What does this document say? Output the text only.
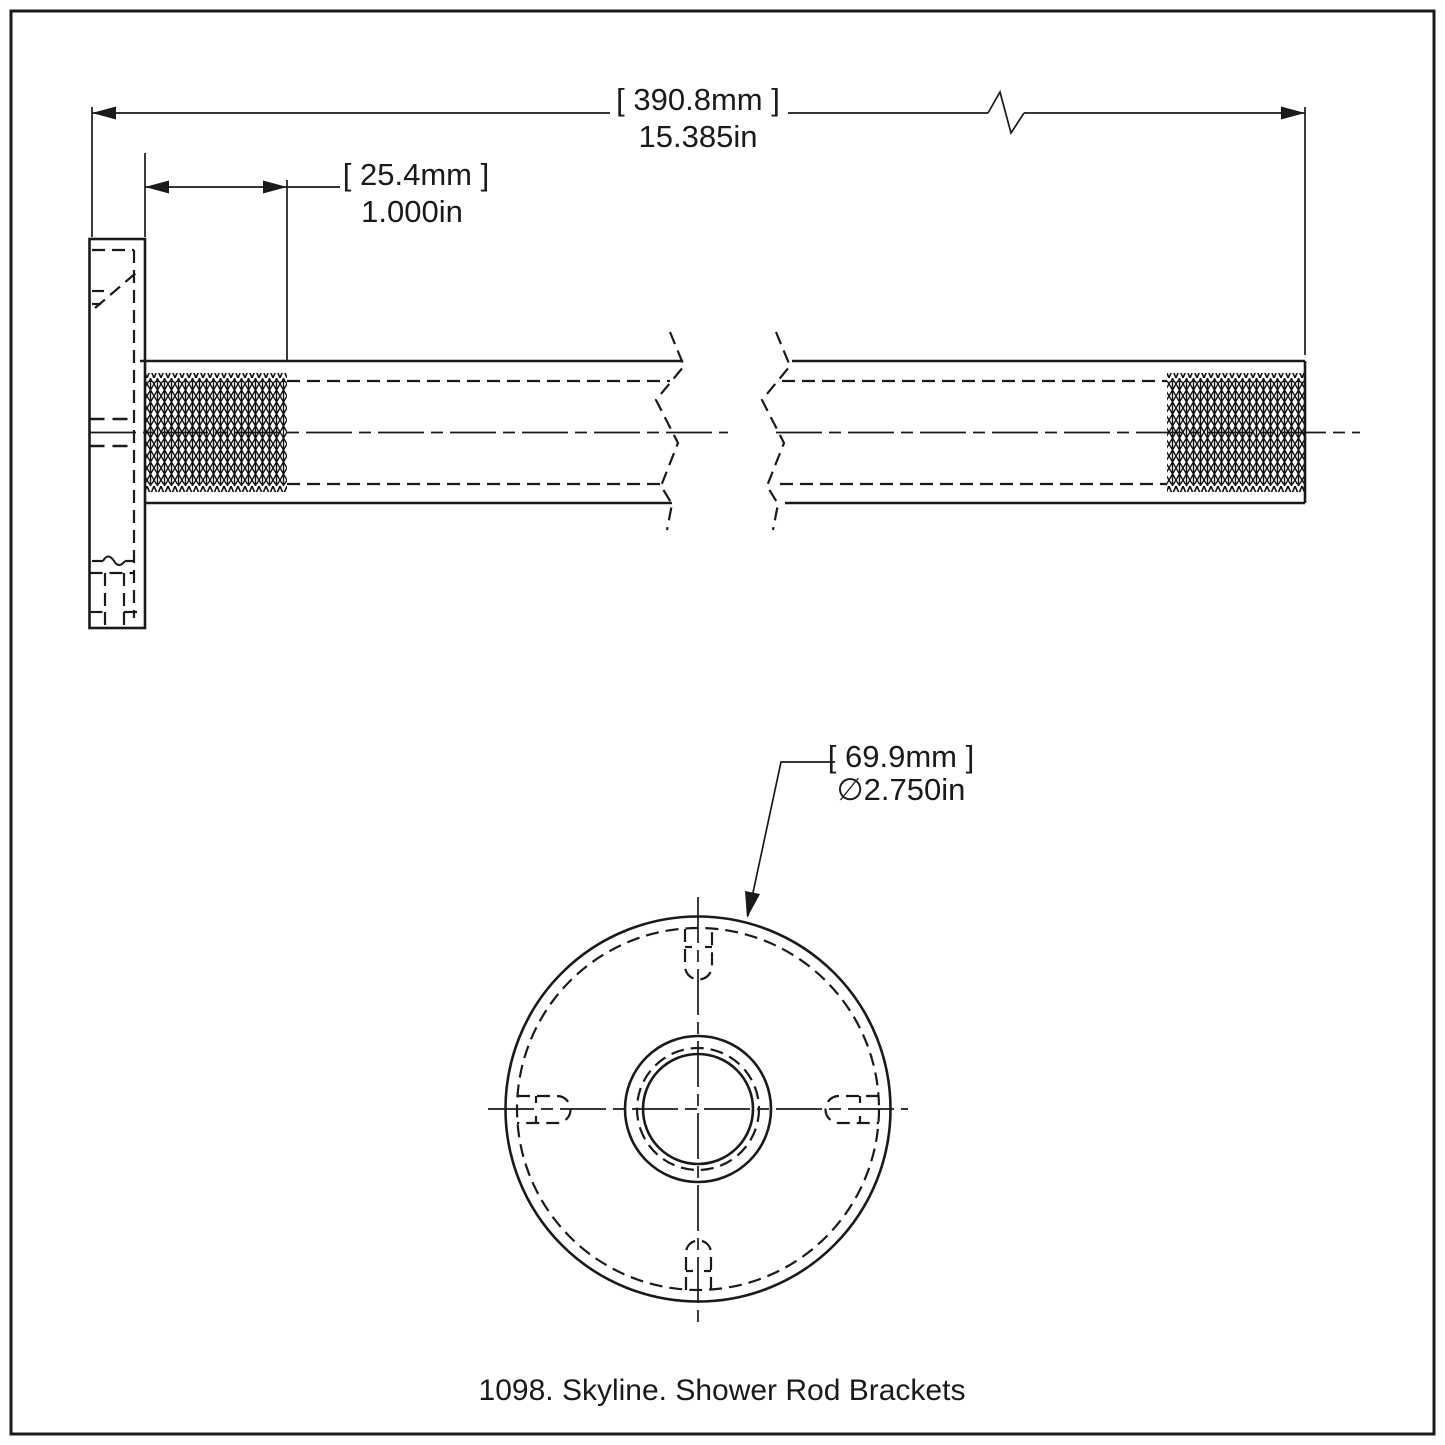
[ 390.8mm ]
15.385in
[ 25.4mm ]
1.000in
[ 69.9mm ]
∅2.750in
1098. Skyline. Shower Rod Brackets
